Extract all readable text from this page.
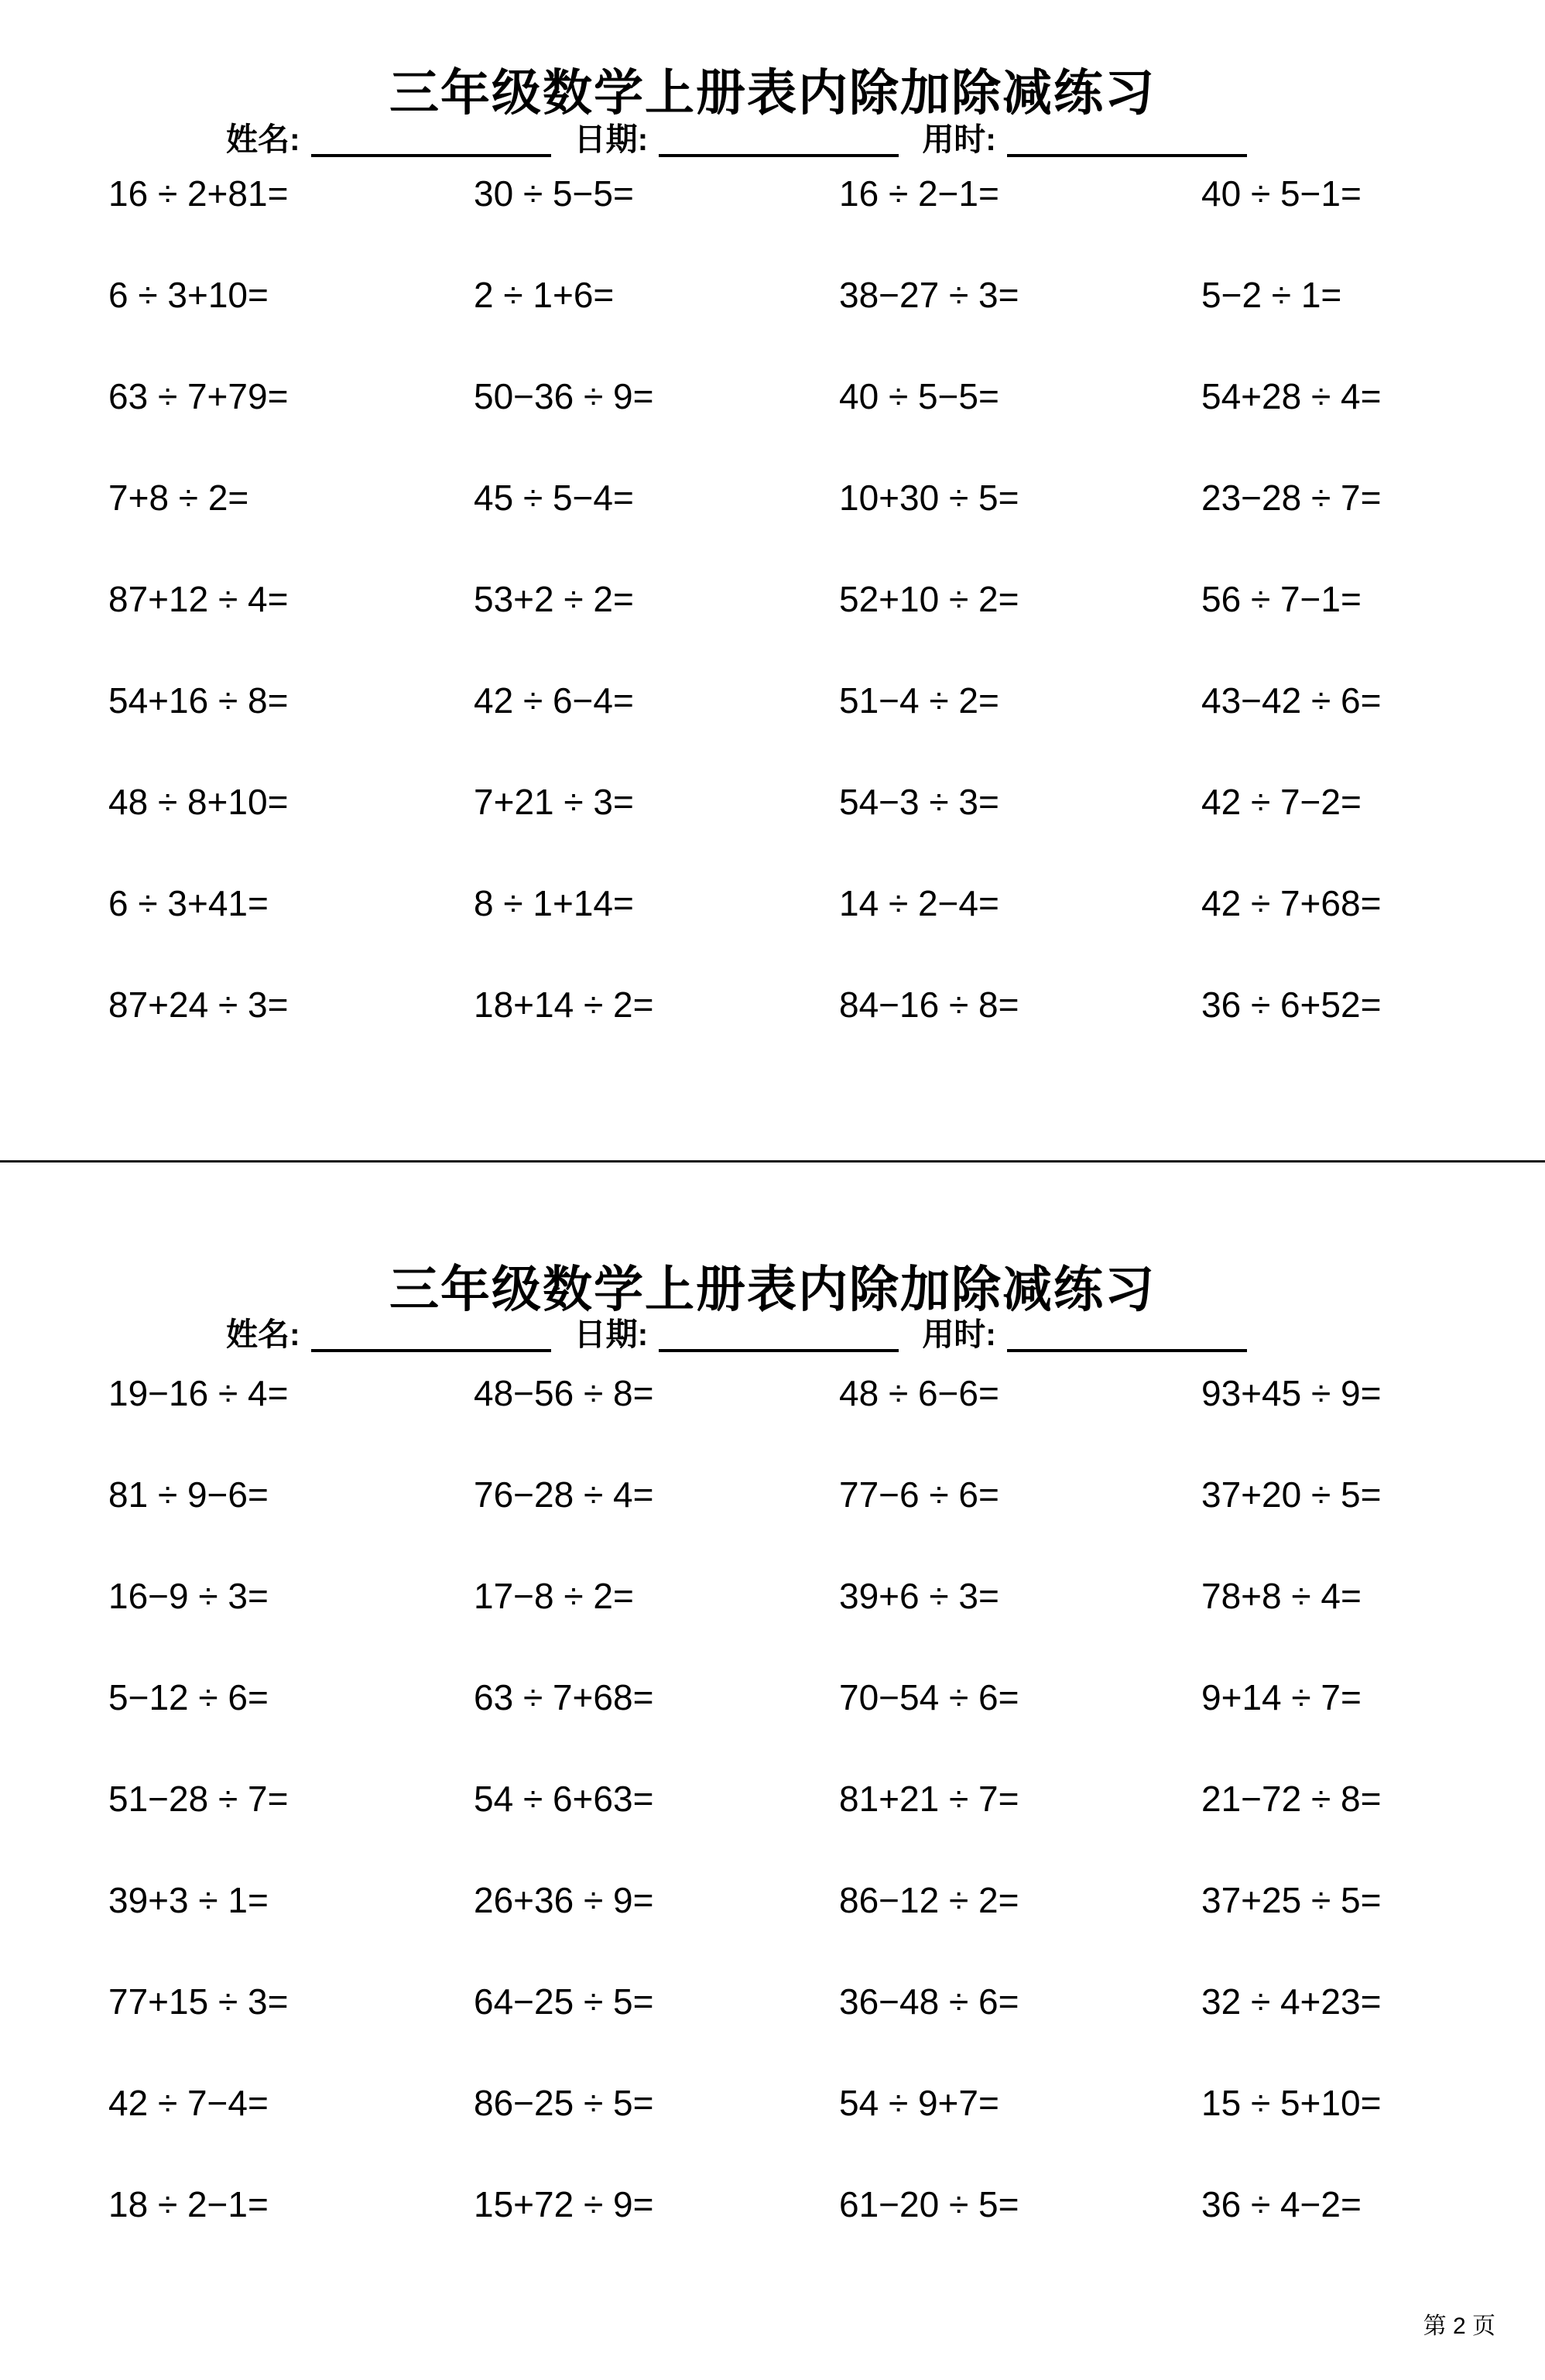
三年级数学上册表内除加除减练习
姓名:	日期:	用时:
16 ÷ 2+81=	30 ÷ 5−5=	16 ÷ 2−1=	40 ÷ 5−1=
6 ÷ 3+10=	2 ÷ 1+6=	38−27 ÷ 3=	5−2 ÷ 1=
63 ÷ 7+79=	50−36 ÷ 9=	40 ÷ 5−5=	54+28 ÷ 4=
7+8 ÷ 2=	45 ÷ 5−4=	10+30 ÷ 5=	23−28 ÷ 7=
87+12 ÷ 4=	53+2 ÷ 2=	52+10 ÷ 2=	56 ÷ 7−1=
54+16 ÷ 8=	42 ÷ 6−4=	51−4 ÷ 2=	43−42 ÷ 6=
48 ÷ 8+10=	7+21 ÷ 3=	54−3 ÷ 3=	42 ÷ 7−2=
6 ÷ 3+41=	8 ÷ 1+14=	14 ÷ 2−4=	42 ÷ 7+68=
87+24 ÷ 3=	18+14 ÷ 2=	84−16 ÷ 8=	36 ÷ 6+52=
三年级数学上册表内除加除减练习
姓名:	日期:	用时:
19−16 ÷ 4=	48−56 ÷ 8=	48 ÷ 6−6=	93+45 ÷ 9=
81 ÷ 9−6=	76−28 ÷ 4=	77−6 ÷ 6=	37+20 ÷ 5=
16−9 ÷ 3=	17−8 ÷ 2=	39+6 ÷ 3=	78+8 ÷ 4=
5−12 ÷ 6=	63 ÷ 7+68=	70−54 ÷ 6=	9+14 ÷ 7=
51−28 ÷ 7=	54 ÷ 6+63=	81+21 ÷ 7=	21−72 ÷ 8=
39+3 ÷ 1=	26+36 ÷ 9=	86−12 ÷ 2=	37+25 ÷ 5=
77+15 ÷ 3=	64−25 ÷ 5=	36−48 ÷ 6=	32 ÷ 4+23=
42 ÷ 7−4=	86−25 ÷ 5=	54 ÷ 9+7=	15 ÷ 5+10=
18 ÷ 2−1=	15+72 ÷ 9=	61−20 ÷ 5=	36 ÷ 4−2=
第 2 页
